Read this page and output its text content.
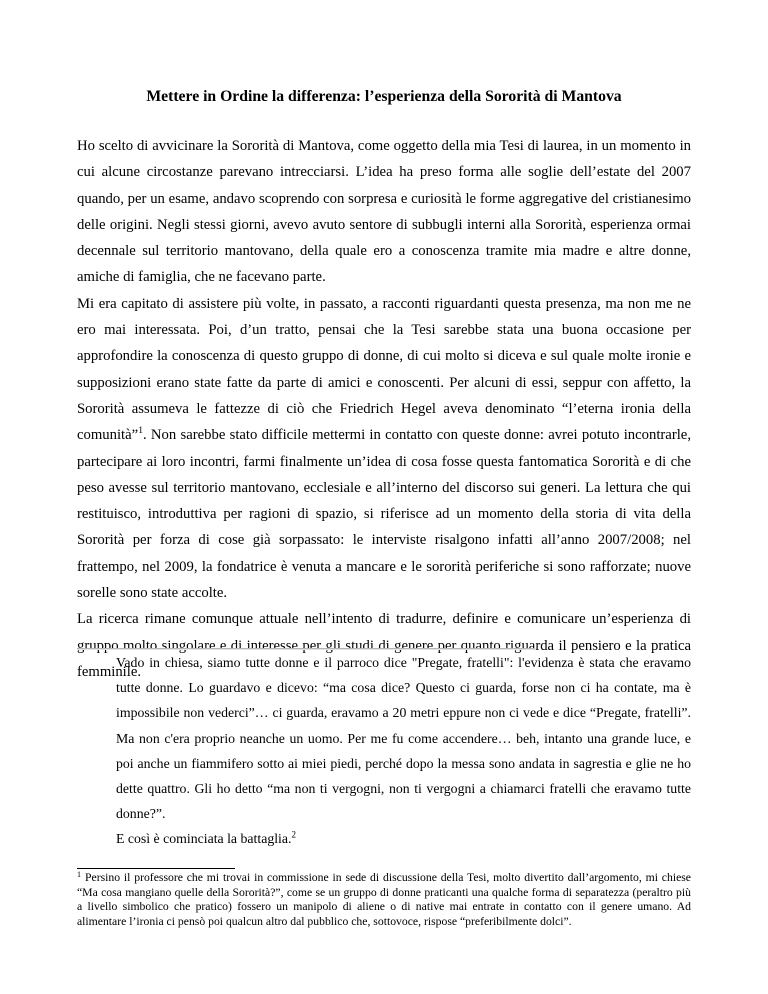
Mettere in Ordine la differenza: l’esperienza della Sororità di Mantova

Ho scelto di avvicinare la Sororità di Mantova, come oggetto della mia Tesi di laurea, in un momento in cui alcune circostanze parevano intrecciarsi. L’idea ha preso forma alle soglie dell’estate del 2007 quando, per un esame, andavo scoprendo con sorpresa e curiosità le forme aggregative del cristianesimo delle origini. Negli stessi giorni, avevo avuto sentore di subbugli interni alla Sororità, esperienza ormai decennale sul territorio mantovano, della quale ero a conoscenza tramite mia madre e altre donne, amiche di famiglia, che ne facevano parte.

Mi era capitato di assistere più volte, in passato, a racconti riguardanti questa presenza, ma non me ne ero mai interessata. Poi, d’un tratto, pensai che la Tesi sarebbe stata una buona occasione per approfondire la conoscenza di questo gruppo di donne, di cui molto si diceva e sul quale molte ironie e supposizioni erano state fatte da parte di amici e conoscenti. Per alcuni di essi, seppur con affetto, la Sororità assumeva le fattezze di ciò che Friedrich Hegel aveva denominato “l’eterna ironia della comunità”$^1$. Non sarebbe stato difficile mettermi in contatto con queste donne: avrei potuto incontrarle, partecipare ai loro incontri, farmi finalmente un’idea di cosa fosse questa fantomatica Sororità e di che peso avesse sul territorio mantovano, ecclesiale e all’interno del discorso sui generi. La lettura che qui restituisco, introduttiva per ragioni di spazio, si riferisce ad un momento della storia di vita della Sororità per forza di cose già sorpassato: le interviste risalgono infatti all’anno 2007/2008; nel frattempo, nel 2009, la fondatrice è venuta a mancare e le sororità periferiche si sono rafforzate; nuove sorelle sono state accolte.

La ricerca rimane comunque attuale nell’intento di tradurre, definire e comunicare un’esperienza di gruppo molto singolare e di interesse per gli studi di genere per quanto riguarda il pensiero e la pratica femminile.

Vado in chiesa, siamo tutte donne e il parroco dice "Pregate, fratelli": l'evidenza è stata che eravamo tutte donne. Lo guardavo e dicevo: “ma cosa dice? Questo ci guarda, forse non ci ha contate, ma è impossibile non vederci”… ci guarda, eravamo a 20 metri eppure non ci vede e dice “Pregate, fratelli”. Ma non c'era proprio neanche un uomo. Per me fu come accendere… beh, intanto una grande luce, e poi anche un fiammifero sotto ai miei piedi, perché dopo la messa sono andata in sagrestia e glie ne ho dette quattro. Gli ho detto “ma non ti vergogni, non ti vergogni a chiamarci fratelli che eravamo tutte donne?”.

E così è cominciata la battaglia.$^2$

$^1$ Persino il professore che mi trovai in commissione in sede di discussione della Tesi, molto divertito dall’argomento, mi chiese “Ma cosa mangiano quelle della Sororità?”, come se un gruppo di donne praticanti una qualche forma di separatezza (peraltro più a livello simbolico che pratico) fossero un manipolo di aliene o di native mai entrate in contatto con il genere umano. Ad alimentare l’ironia ci pensò poi qualcun altro dal pubblico che, sottovoce, rispose “preferibilmente dolci”.
